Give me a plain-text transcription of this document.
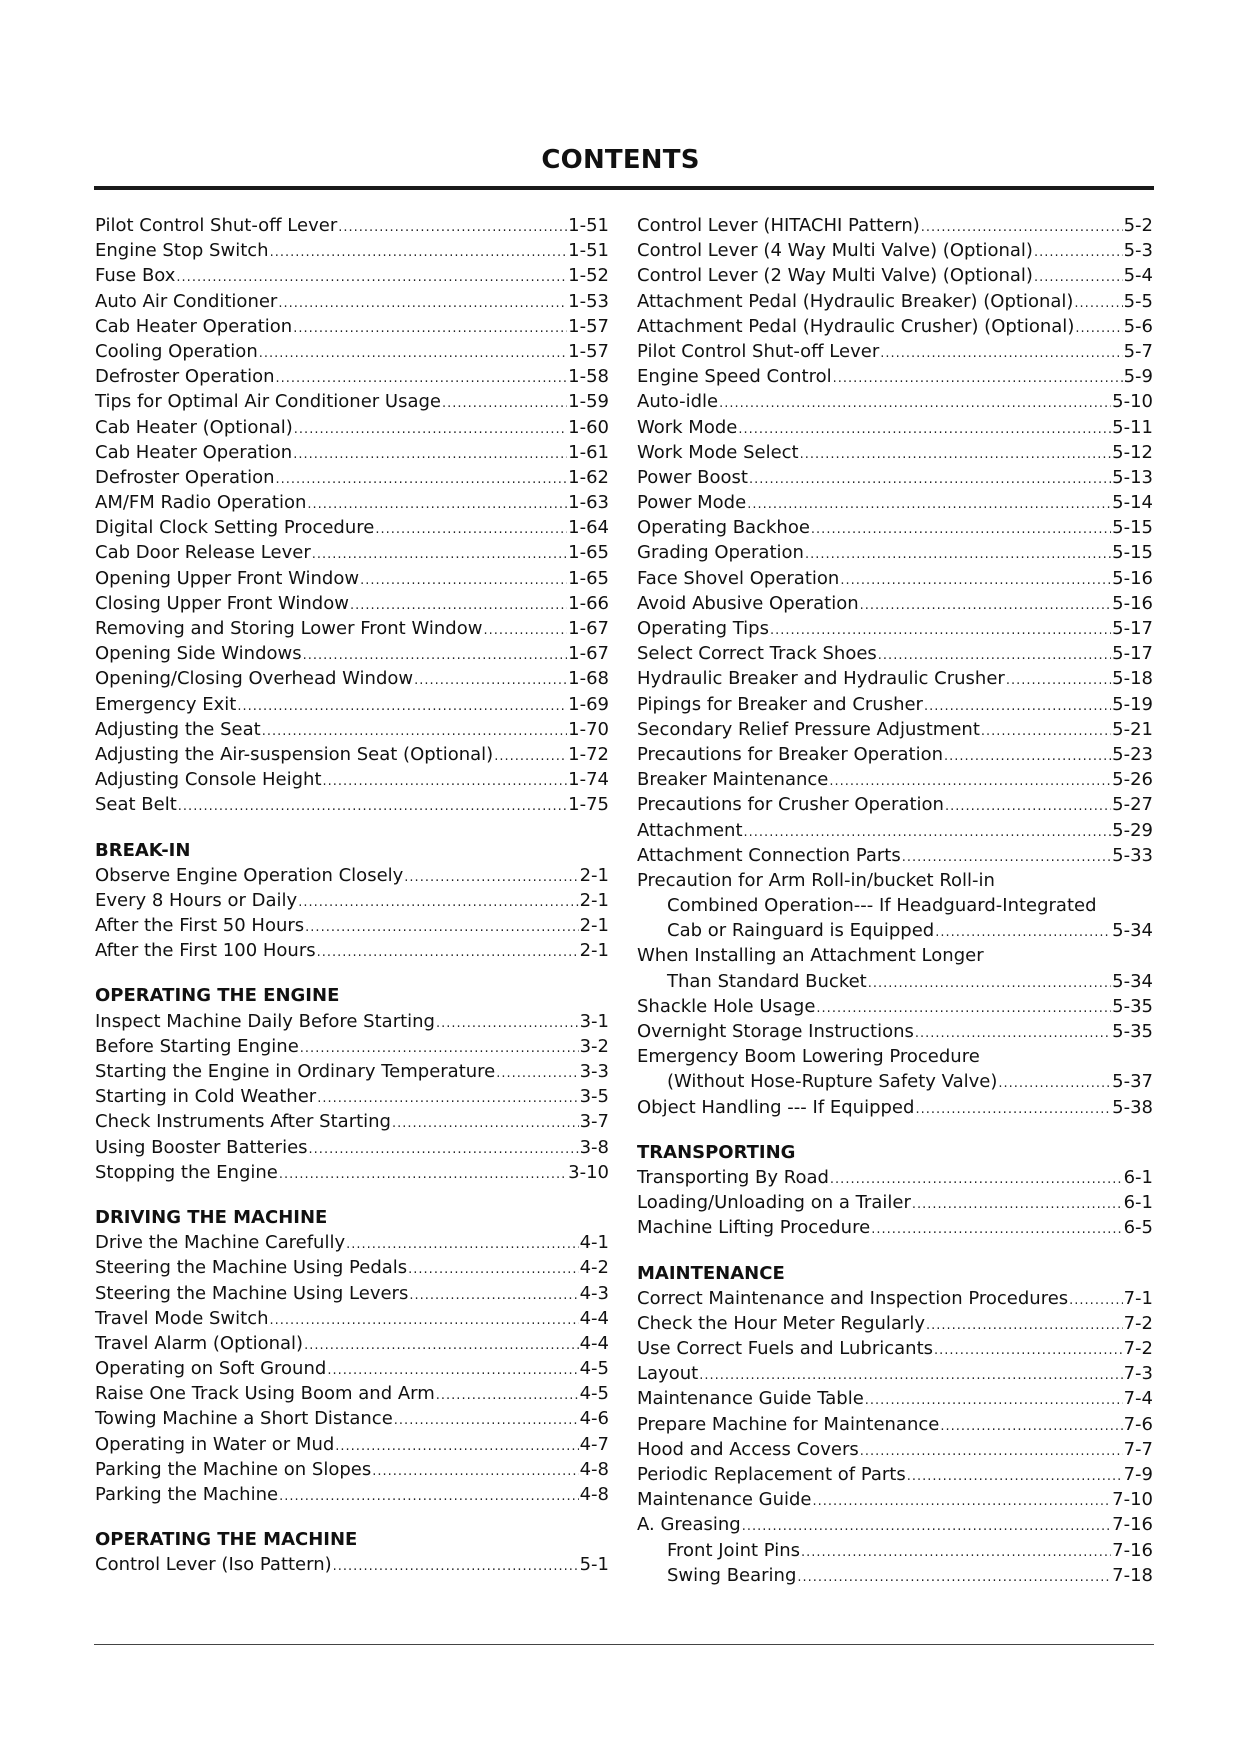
CONTENTS
Pilot Control Shut-off Lever .....	1-51
Engine Stop Switch .....	1-51
Fuse Box .....	1-52
Auto Air Conditioner .....	1-53
Cab Heater Operation .....	1-57
Cooling Operation .....	1-57
Defroster Operation .....	1-58
Tips for Optimal Air Conditioner Usage .....	1-59
Cab Heater (Optional) .....	1-60
Cab Heater Operation .....	1-61
Defroster Operation .....	1-62
AM/FM Radio Operation .....	1-63
Digital Clock Setting Procedure .....	1-64
Cab Door Release Lever .....	1-65
Opening Upper Front Window .....	1-65
Closing Upper Front Window .....	1-66
Removing and Storing Lower Front Window .....	1-67
Opening Side Windows .....	1-67
Opening/Closing Overhead Window .....	1-68
Emergency Exit .....	1-69
Adjusting the Seat .....	1-70
Adjusting the Air-suspension Seat (Optional) .....	1-72
Adjusting Console Height .....	1-74
Seat Belt .....	1-75
BREAK-IN
Observe Engine Operation Closely .....	2-1
Every 8 Hours or Daily .....	2-1
After the First 50 Hours .....	2-1
After the First 100 Hours .....	2-1
OPERATING THE ENGINE
Inspect Machine Daily Before Starting .....	3-1
Before Starting Engine .....	3-2
Starting the Engine in Ordinary Temperature .....	3-3
Starting in Cold Weather .....	3-5
Check Instruments After Starting .....	3-7
Using Booster Batteries .....	3-8
Stopping the Engine .....	3-10
DRIVING THE MACHINE
Drive the Machine Carefully .....	4-1
Steering the Machine Using Pedals .....	4-2
Steering the Machine Using Levers .....	4-3
Travel Mode Switch .....	4-4
Travel Alarm (Optional) .....	4-4
Operating on Soft Ground .....	4-5
Raise One Track Using Boom and Arm .....	4-5
Towing Machine a Short Distance .....	4-6
Operating in Water or Mud .....	4-7
Parking the Machine on Slopes .....	4-8
Parking the Machine .....	4-8
OPERATING THE MACHINE
Control Lever (Iso Pattern) .....	5-1
Control Lever (HITACHI Pattern) .....	5-2
Control Lever (4 Way Multi Valve) (Optional) .....	5-3
Control Lever (2 Way Multi Valve) (Optional) .....	5-4
Attachment Pedal (Hydraulic Breaker) (Optional) .....	5-5
Attachment Pedal (Hydraulic Crusher) (Optional) .....	5-6
Pilot Control Shut-off Lever .....	5-7
Engine Speed Control .....	5-9
Auto-idle .....	5-10
Work Mode .....	5-11
Work Mode Select .....	5-12
Power Boost .....	5-13
Power Mode .....	5-14
Operating Backhoe .....	5-15
Grading Operation .....	5-15
Face Shovel Operation .....	5-16
Avoid Abusive Operation .....	5-16
Operating Tips .....	5-17
Select Correct Track Shoes .....	5-17
Hydraulic Breaker and Hydraulic Crusher .....	5-18
Pipings for Breaker and Crusher .....	5-19
Secondary Relief Pressure Adjustment .....	5-21
Precautions for Breaker Operation .....	5-23
Breaker Maintenance .....	5-26
Precautions for Crusher Operation .....	5-27
Attachment .....	5-29
Attachment Connection Parts .....	5-33
Precaution for Arm Roll-in/bucket Roll-in
Combined Operation--- If Headguard-Integrated
Cab or Rainguard is Equipped .....	5-34
When Installing an Attachment Longer
Than Standard Bucket .....	5-34
Shackle Hole Usage .....	5-35
Overnight Storage Instructions .....	5-35
Emergency Boom Lowering Procedure
(Without Hose-Rupture Safety Valve) .....	5-37
Object Handling --- If Equipped .....	5-38
TRANSPORTING
Transporting By Road .....	6-1
Loading/Unloading on a Trailer .....	6-1
Machine Lifting Procedure .....	6-5
MAINTENANCE
Correct Maintenance and Inspection Procedures .....	7-1
Check the Hour Meter Regularly .....	7-2
Use Correct Fuels and Lubricants .....	7-2
Layout .....	7-3
Maintenance Guide Table .....	7-4
Prepare Machine for Maintenance .....	7-6
Hood and Access Covers .....	7-7
Periodic Replacement of Parts .....	7-9
Maintenance Guide .....	7-10
A. Greasing .....	7-16
Front Joint Pins .....	7-16
Swing Bearing .....	7-18
